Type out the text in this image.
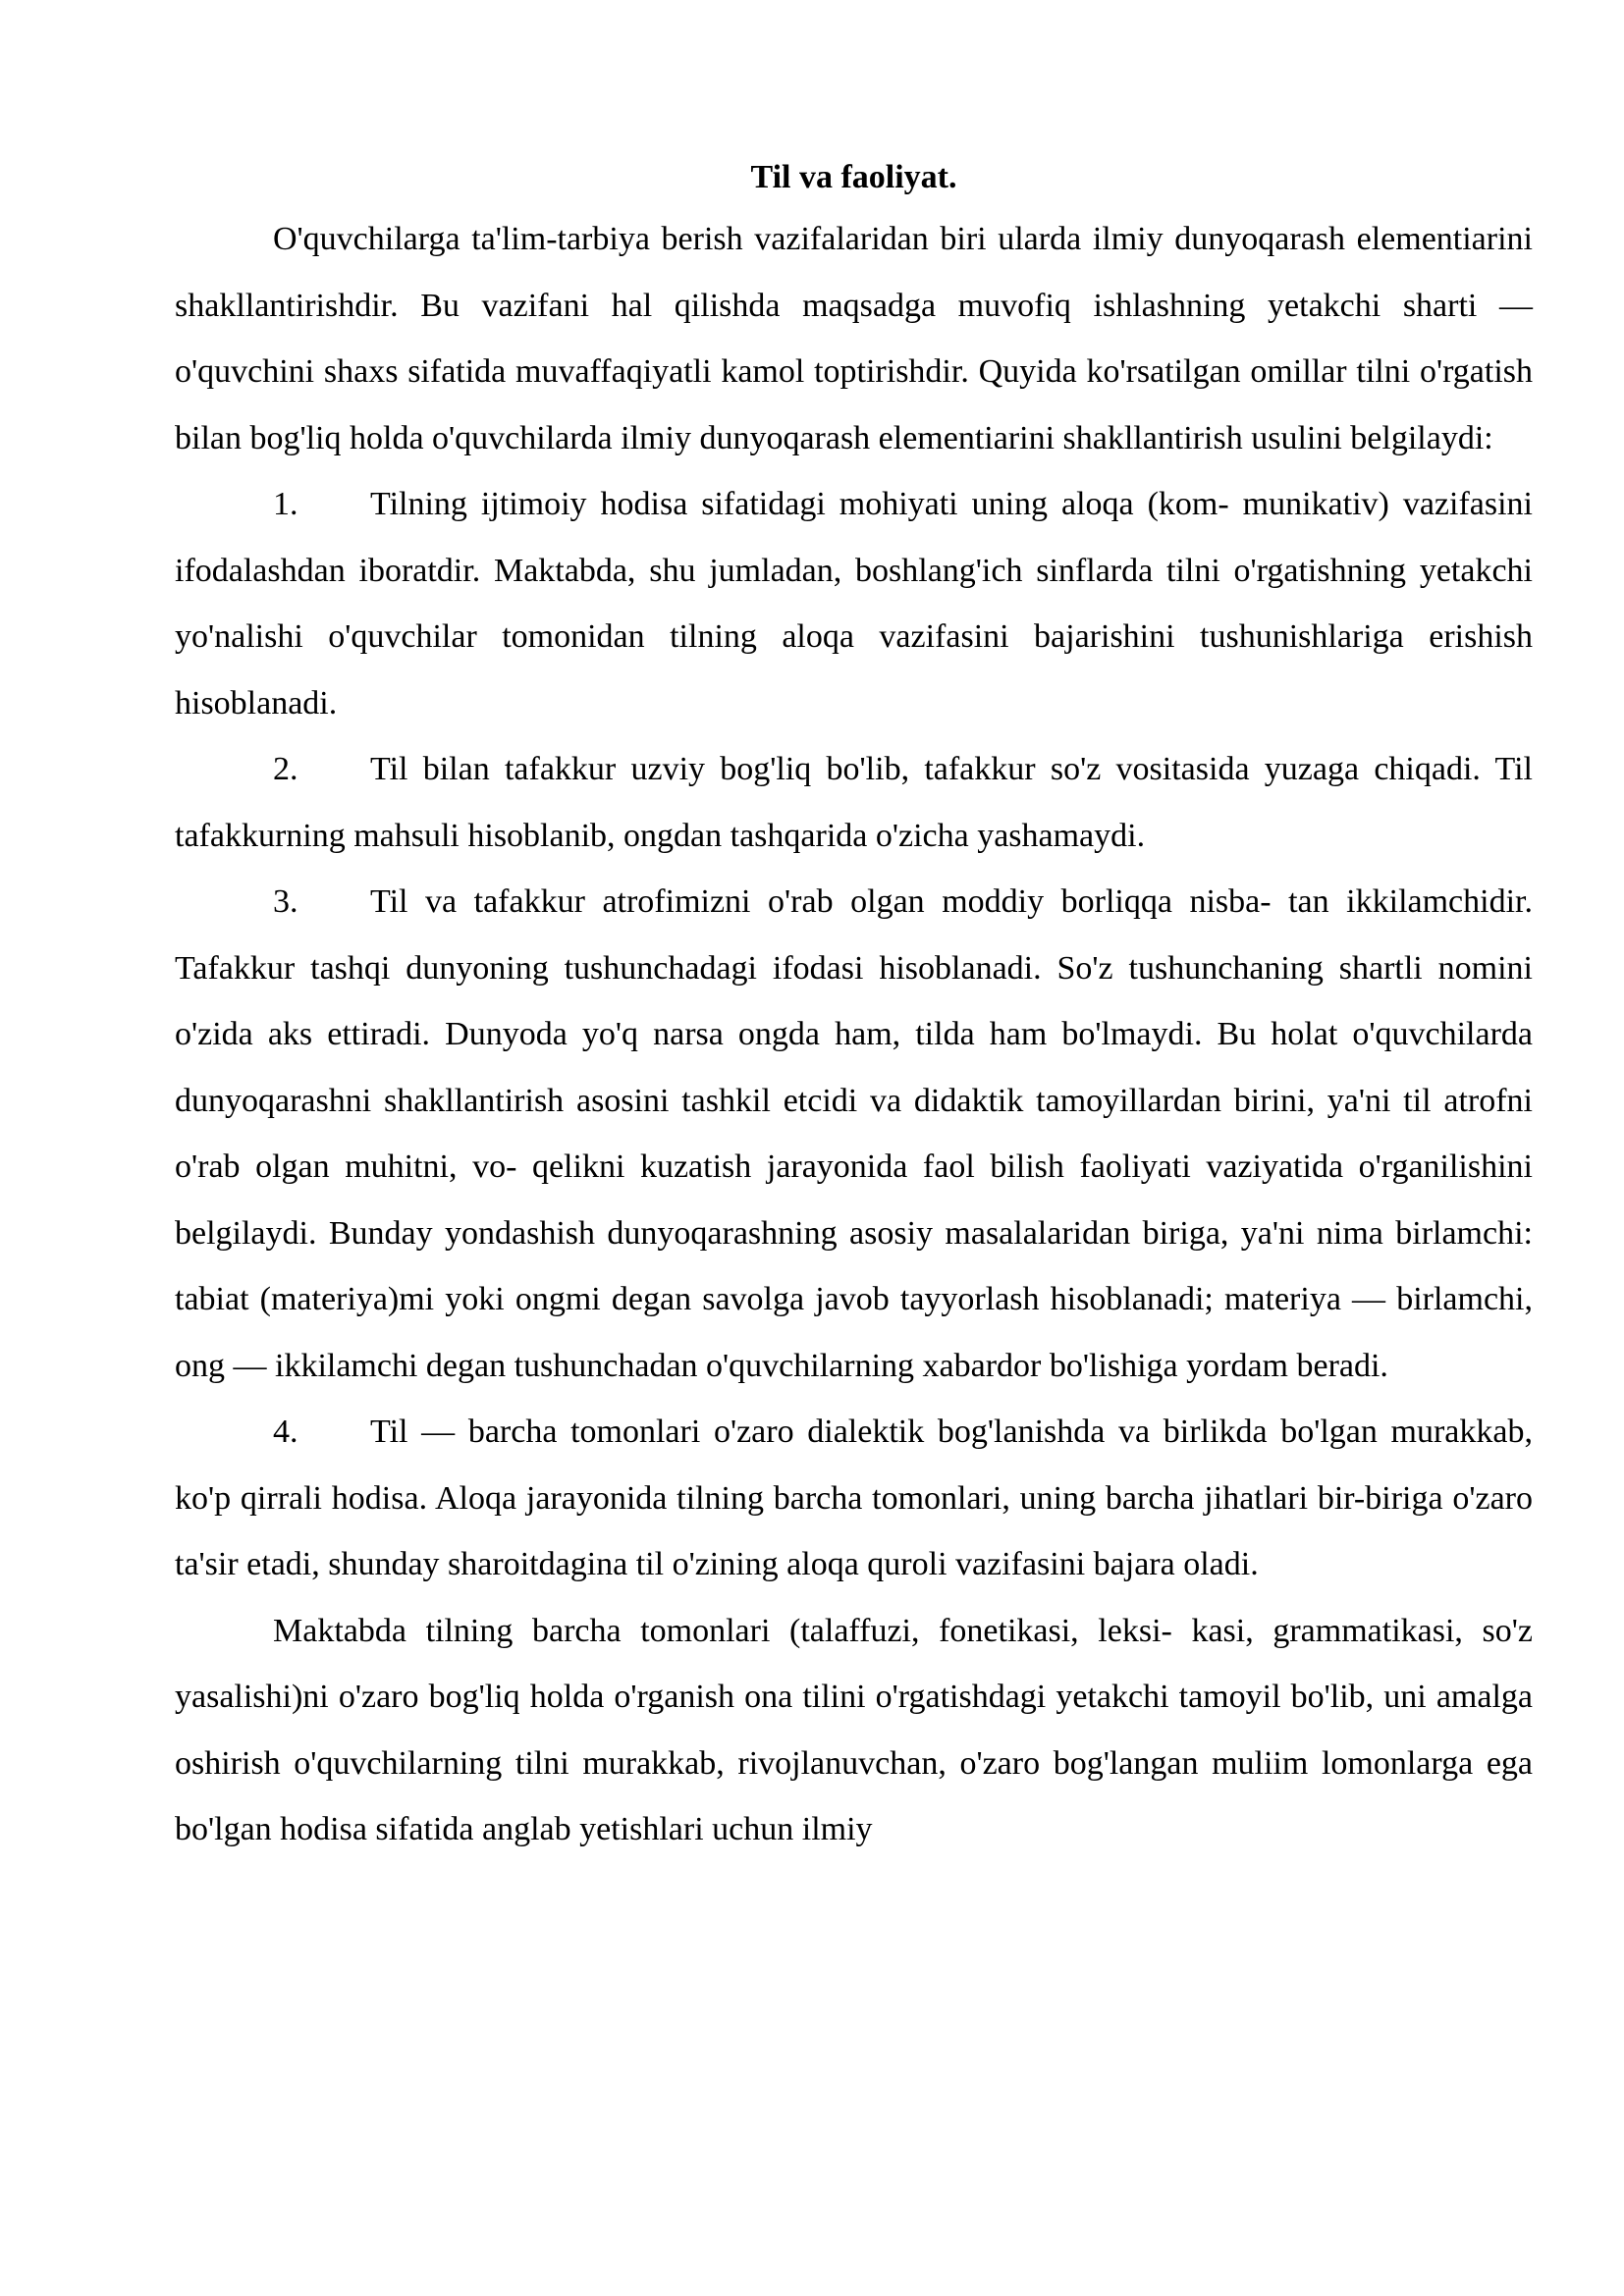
Til va faoliyat.

O'quvchilarga ta'lim-tarbiya berish vazifalaridan biri ularda ilmiy dunyoqarash elementiarini shakllantirishdir. Bu vazifani hal qilishda maqsadga muvofiq ishlashning yetakchi sharti — o'quvchini shaxs sifatida muvaffaqiyatli kamol toptirishdir. Quyida ko'rsatilgan omillar tilni o'rgatish bilan bog'liq holda o'quvchilarda ilmiy dunyoqarash elementiarini shakllantirish usulini belgilaydi:

1. Tilning ijtimoiy hodisa sifatidagi mohiyati uning aloqa (kom- munikativ) vazifasini ifodalashdan iboratdir. Maktabda, shu jumladan, boshlang'ich sinflarda tilni o'rgatishning yetakchi yo'nalishi o'quvchilar tomonidan tilning aloqa vazifasini bajarishini tushunishlariga erishish hisoblanadi.

2. Til bilan tafakkur uzviy bog'liq bo'lib, tafakkur so'z vositasida yuzaga chiqadi. Til tafakkurning mahsuli hisoblanib, ongdan tashqarida o'zicha yashamaydi.

3. Til va tafakkur atrofimizni o'rab olgan moddiy borliqqa nisba- tan ikkilamchidir. Tafakkur tashqi dunyoning tushunchadagi ifodasi hisoblanadi. So'z tushunchaning shartli nomini o'zida aks ettiradi. Dunyoda yo'q narsa ongda ham, tilda ham bo'lmaydi. Bu holat o'quvchilarda dunyoqarashni shakllantirish asosini tashkil etcidi va didaktik tamoyillardan birini, ya'ni til atrofni o'rab olgan muhitni, vo- qelikni kuzatish jarayonida faol bilish faoliyati vaziyatida o'rganilishini belgilaydi. Bunday yondashish dunyoqarashning asosiy masalalaridan biriga, ya'ni nima birlamchi: tabiat (materiya)mi yoki ongmi degan savolga javob tayyorlash hisoblanadi; materiya — birlamchi, ong — ikkilamchi degan tushunchadan o'quvchilarning xabardor bo'lishiga yordam beradi.

4. Til — barcha tomonlari o'zaro dialektik bog'lanishda va birlikda bo'lgan murakkab, ko'p qirrali hodisa. Aloqa jarayonida tilning barcha tomonlari, uning barcha jihatlari bir-biriga o'zaro ta'sir etadi, shunday sharoitdagina til o'zining aloqa quroli vazifasini bajara oladi.

Maktabda tilning barcha tomonlari (talaffuzi, fonetikasi, leksi- kasi, grammatikasi, so'z yasalishi)ni o'zaro bog'liq holda o'rganish ona tilini o'rgatishdagi yetakchi tamoyil bo'lib, uni amalga oshirish o'quvchilarning tilni murakkab, rivojlanuvchan, o'zaro bog'langan muliim lomonlarga ega bo'lgan hodisa sifatida anglab yetishlari uchun ilmiy
